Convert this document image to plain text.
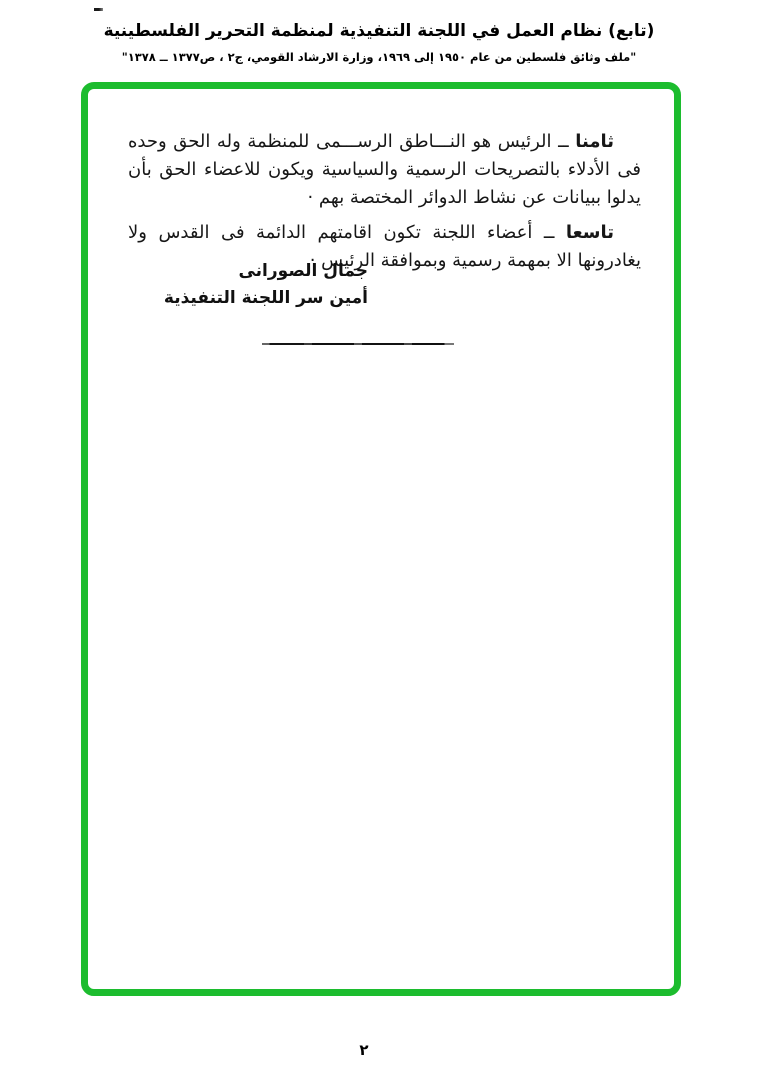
(تابع) نظام العمل في اللجنة التنفيذية لمنظمة التحرير الفلسطينية
"ملف وثائق فلسطين من عام ١٩٥٠ إلى ١٩٦٩، وزارة الارشاد القومي، ج٢ ، ص١٣٧٧ ــ ١٣٧٨"

ثامنا ــ الرئيس هو النـــاطق الرســـمى للمنظمة وله الحق وحده فى الأدلاء بالتصريحات الرسمية والسياسية ويكون للاعضاء الحق بأن يدلوا ببيانات عن نشاط الدوائر المختصة بهم ·

تاسعا ــ أعضاء اللجنة تكون اقامتهم الدائمة فى القدس ولا يغادرونها الا بمهمة رسمية وبموافقة الرئيس ·

جمال الصورانى
أمين سر اللجنة التنفيذية
٢
